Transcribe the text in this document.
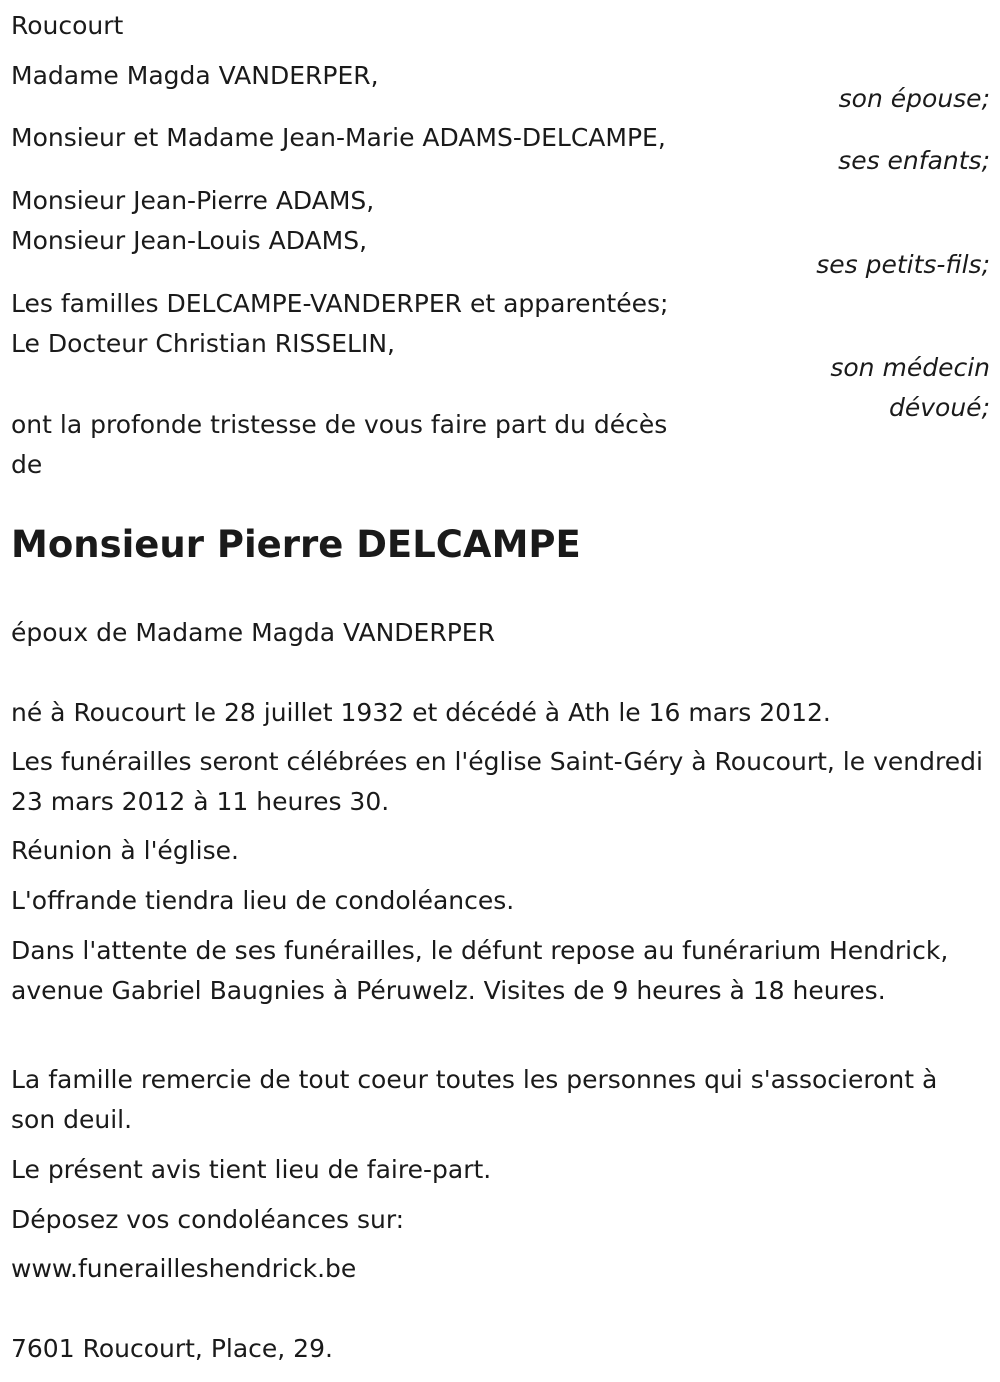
Roucourt

Madame Magda VANDERPER,

son épouse;

Monsieur et Madame Jean-Marie ADAMS-DELCAMPE,

ses enfants;

Monsieur Jean-Pierre ADAMS,

Monsieur Jean-Louis ADAMS,

ses petits-fils;

Les familles DELCAMPE-VANDERPER et apparentées;

Le Docteur Christian RISSELIN,

son médecin

dévoué;

ont la profonde tristesse de vous faire part du décès

de

Monsieur Pierre DELCAMPE

époux de Madame Magda VANDERPER

né à Roucourt le 28 juillet 1932 et décédé à Ath le 16 mars 2012.

Les funérailles seront célébrées en l'église Saint-Géry à Roucourt, le vendredi 23 mars 2012 à 11 heures 30.

Réunion à l'église.

L'offrande tiendra lieu de condoléances.

Dans l'attente de ses funérailles, le défunt repose au funérarium Hendrick, avenue Gabriel Baugnies à Péruwelz. Visites de 9 heures à 18 heures.

La famille remercie de tout coeur toutes les personnes qui s'associeront à son deuil.

Le présent avis tient lieu de faire-part.

Déposez vos condoléances sur:

www.funerailleshendrick.be

7601 Roucourt, Place, 29.
